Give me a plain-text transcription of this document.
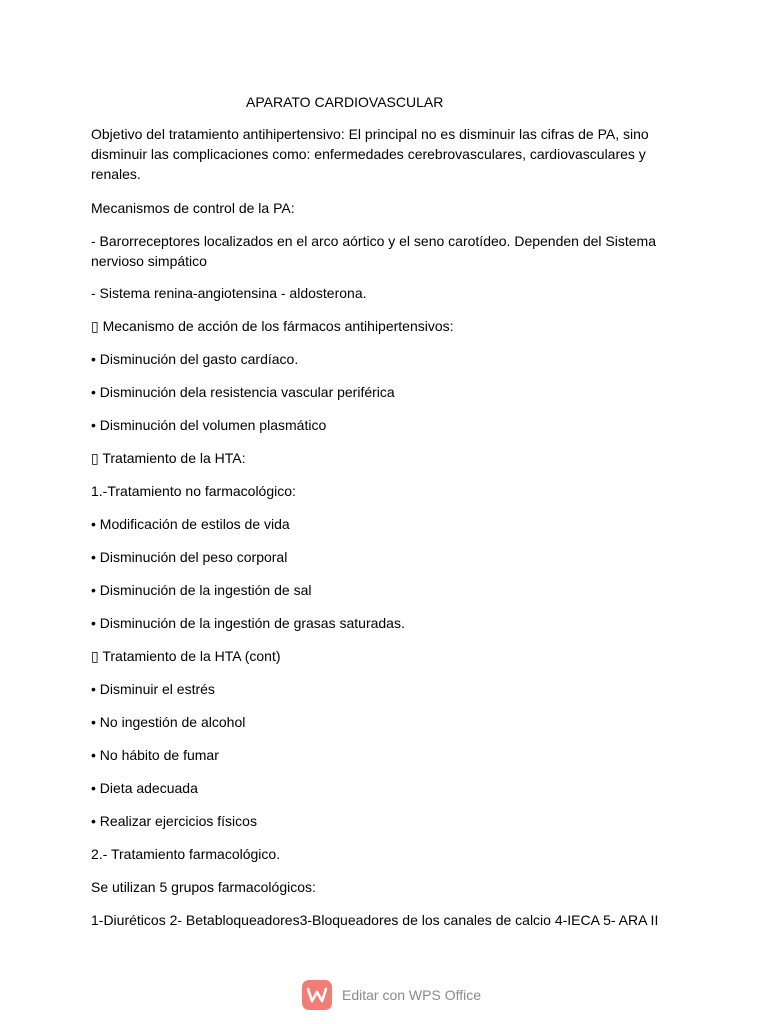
APARATO CARDIOVASCULAR
Objetivo del tratamiento antihipertensivo: El principal no es disminuir las cifras de PA, sino disminuir las complicaciones como: enfermedades cerebrovasculares, cardiovasculares y renales.
Mecanismos de control de la PA:
- Barorreceptores localizados en el arco aórtico y el seno carotídeo. Dependen del Sistema nervioso simpático
- Sistema renina-angiotensina - aldosterona.
▯ Mecanismo de acción de los fármacos antihipertensivos:
• Disminución del gasto cardíaco.
• Disminución dela resistencia vascular periférica
• Disminución del volumen plasmático
▯ Tratamiento de la HTA:
1.-Tratamiento no farmacológico:
• Modificación de estilos de vida
• Disminución del peso corporal
• Disminución de la ingestión de sal
• Disminución de la ingestión de grasas saturadas.
▯ Tratamiento de la HTA (cont)
• Disminuir el estrés
• No ingestión de alcohol
• No hábito de fumar
• Dieta adecuada
• Realizar ejercicios físicos
2.- Tratamiento farmacológico.
Se utilizan 5 grupos farmacológicos:
1-Diuréticos 2- Betabloqueadores3-Bloqueadores de los canales de calcio 4-IECA 5- ARA II
Editar con WPS Office
